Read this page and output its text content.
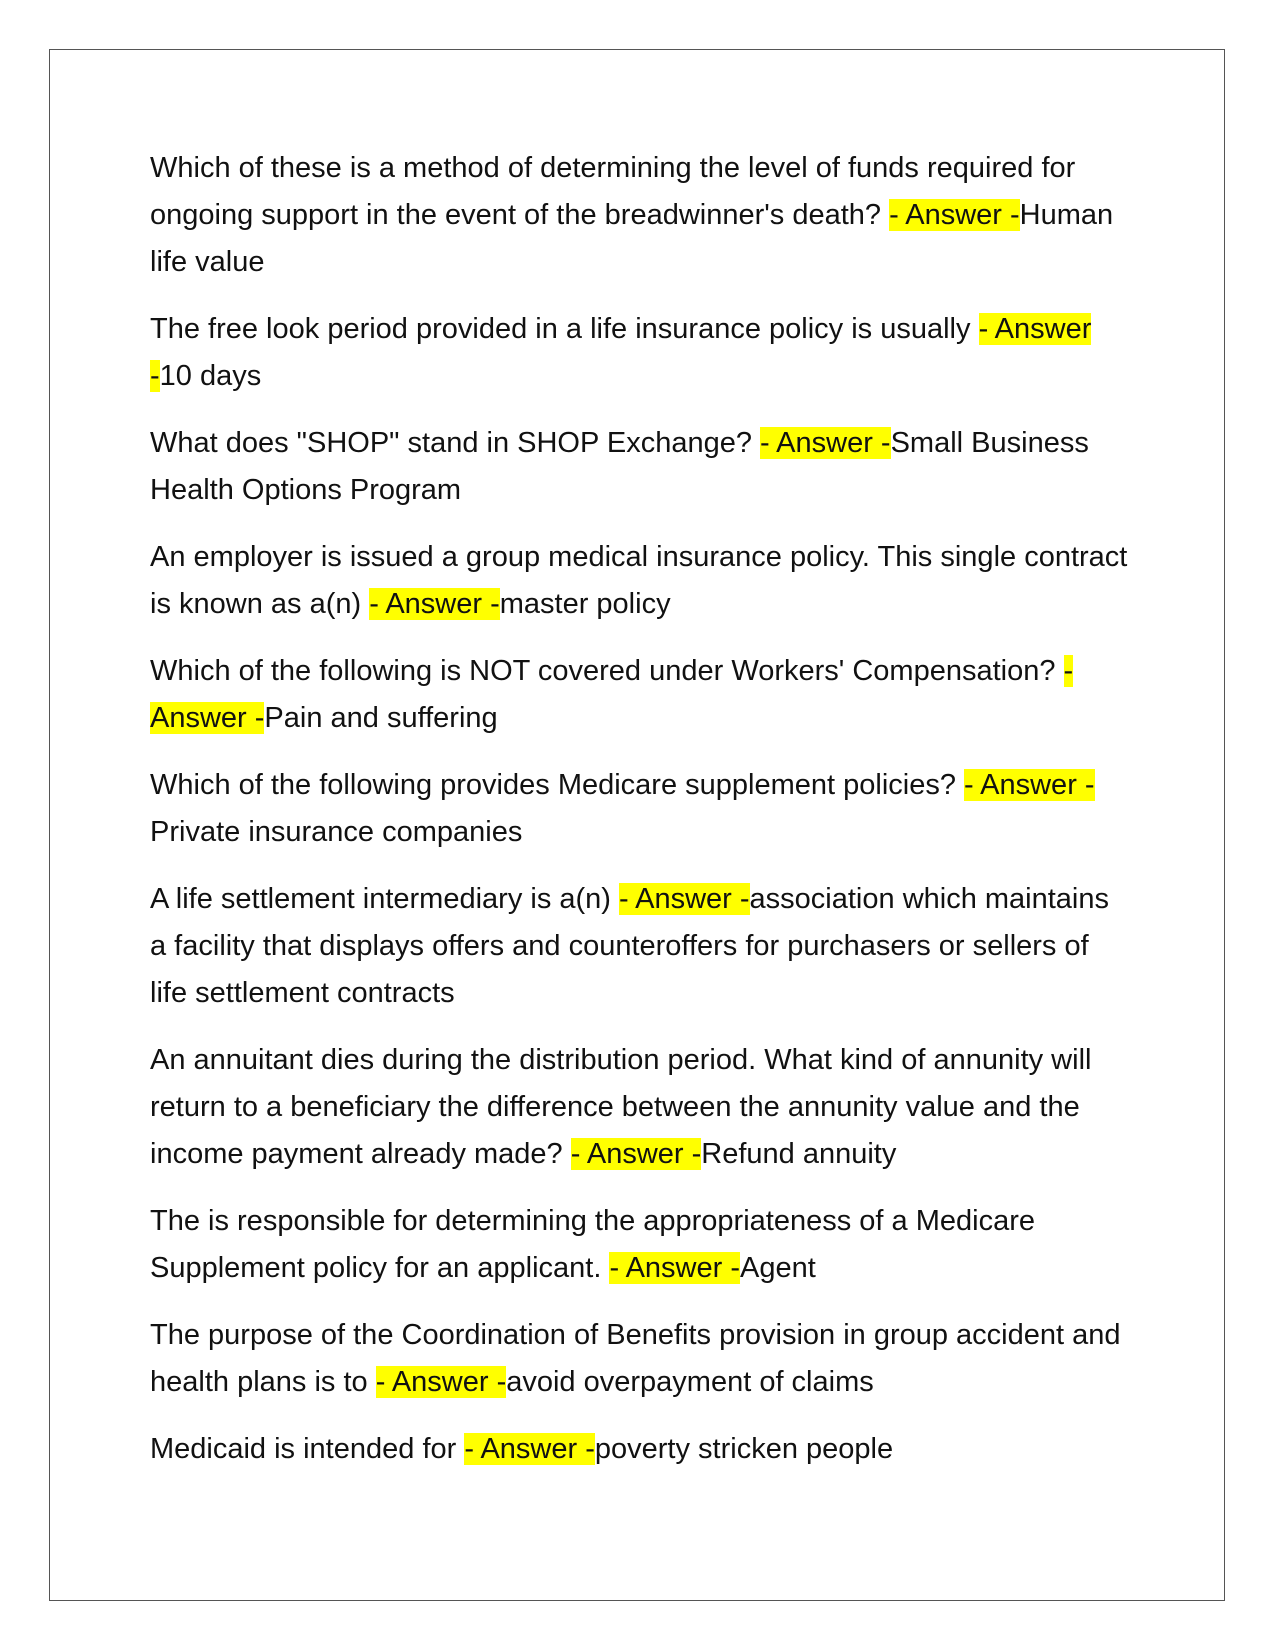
Which of these is a method of determining the level of funds required for ongoing support in the event of the breadwinner's death? - Answer -Human life value

The free look period provided in a life insurance policy is usually - Answer -10 days

What does "SHOP" stand in SHOP Exchange? - Answer -Small Business Health Options Program

An employer is issued a group medical insurance policy. This single contract is known as a(n) - Answer -master policy

Which of the following is NOT covered under Workers' Compensation? - Answer -Pain and suffering

Which of the following provides Medicare supplement policies? - Answer -Private insurance companies

A life settlement intermediary is a(n) - Answer -association which maintains a facility that displays offers and counteroffers for purchasers or sellers of life settlement contracts

An annuitant dies during the distribution period. What kind of annunity will return to a beneficiary the difference between the annunity value and the income payment already made? - Answer -Refund annuity

The is responsible for determining the appropriateness of a Medicare Supplement policy for an applicant. - Answer -Agent

The purpose of the Coordination of Benefits provision in group accident and health plans is to - Answer -avoid overpayment of claims

Medicaid is intended for - Answer -poverty stricken people
